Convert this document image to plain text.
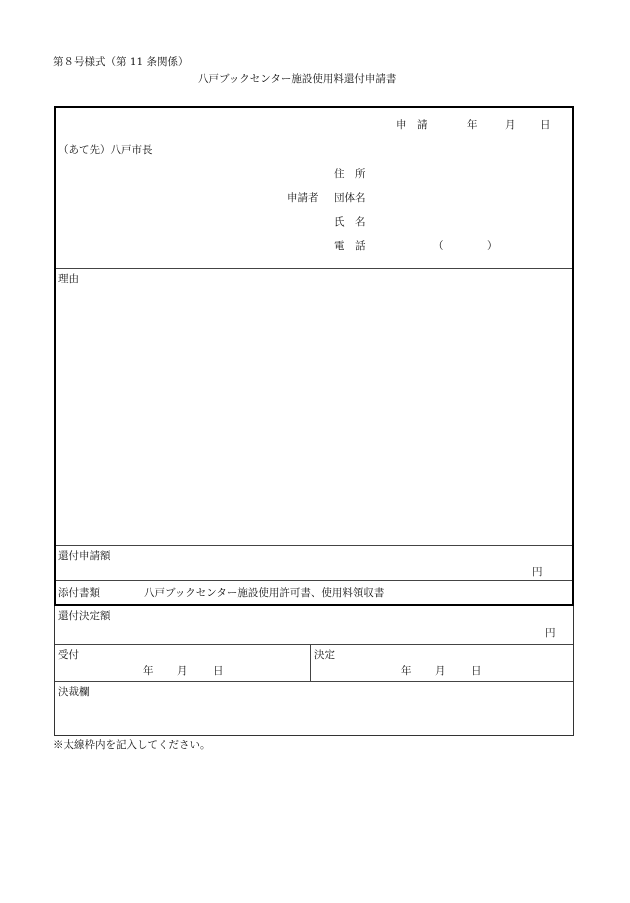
第８号様式（第 11 条関係）
八戸ブックセンター施設使用料還付申請書
申　請	年	月 日
（あて先）八戸市長
住　所
申請者 団体名
氏　名
電　話	（	）
理由
還付申請額
円
添付書類	八戸ブックセンター施設使用許可書、使用料領収書
還付決定額
円
受付
年 月 日
決定
年 月 日
決裁欄
※太線枠内を記入してください。
